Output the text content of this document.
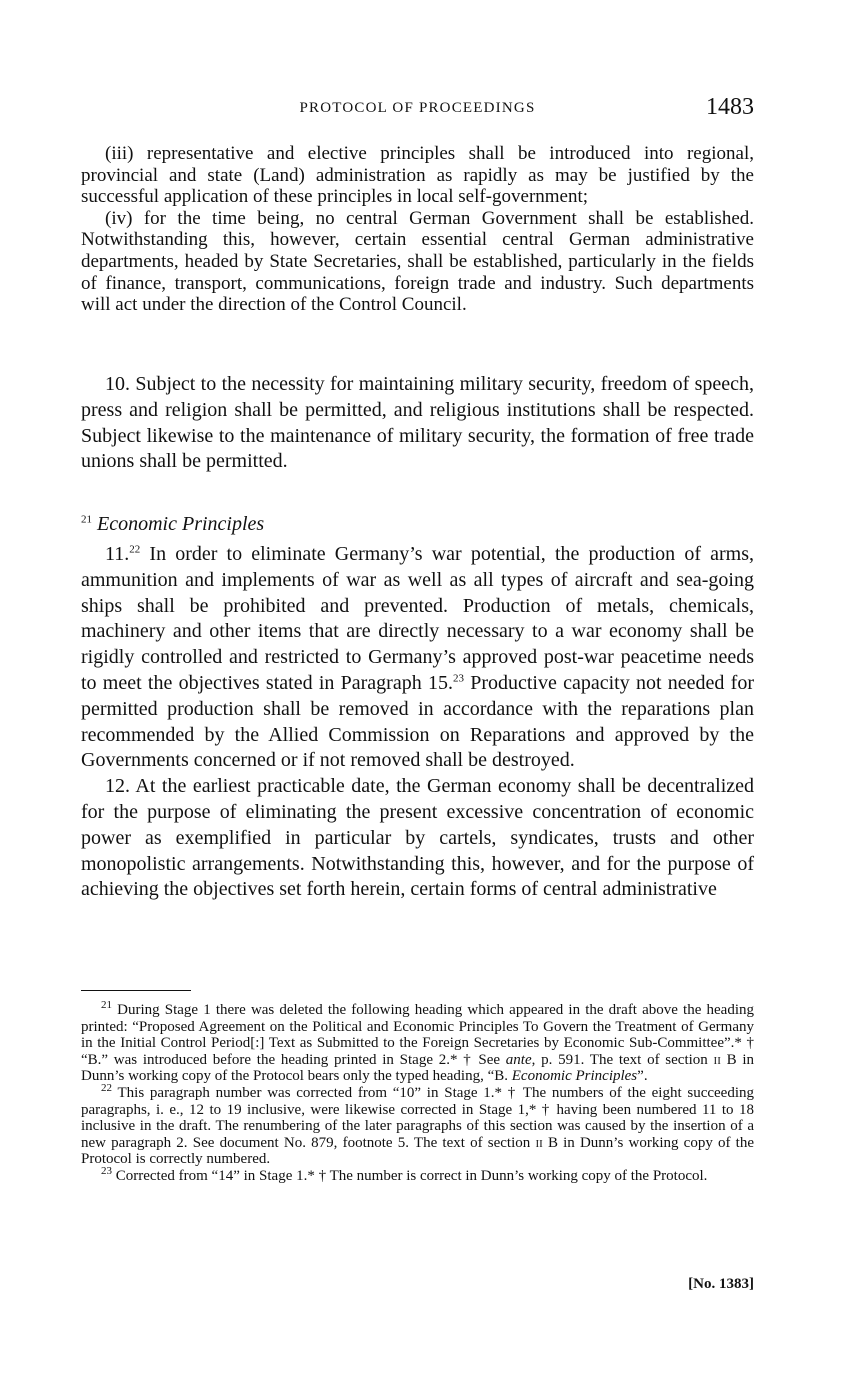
PROTOCOL OF PROCEEDINGS	1483

(iii) representative and elective principles shall be introduced into regional, provincial and state (Land) administration as rapidly as may be justified by the successful application of these principles in local self-government;

(iv) for the time being, no central German Government shall be established. Notwithstanding this, however, certain essential central German administrative departments, headed by State Secretaries, shall be established, particularly in the fields of finance, transport, communications, foreign trade and industry. Such departments will act under the direction of the Control Council.

10. Subject to the necessity for maintaining military security, freedom of speech, press and religion shall be permitted, and religious institutions shall be respected. Subject likewise to the maintenance of military security, the formation of free trade unions shall be permitted.

$^{21}$ Economic Principles

11.22 In order to eliminate Germany’s war potential, the production of arms, ammunition and implements of war as well as all types of aircraft and sea-going ships shall be prohibited and prevented. Production of metals, chemicals, machinery and other items that are directly necessary to a war economy shall be rigidly controlled and restricted to Germany’s approved post-war peacetime needs to meet the objectives stated in Paragraph 15.23 Productive capacity not needed for permitted production shall be removed in accordance with the reparations plan recommended by the Allied Commission on Reparations and approved by the Governments concerned or if not removed shall be destroyed.

12. At the earliest practicable date, the German economy shall be decentralized for the purpose of eliminating the present excessive concentration of economic power as exemplified in particular by cartels, syndicates, trusts and other monopolistic arrangements. Notwithstanding this, however, and for the purpose of achieving the objectives set forth herein, certain forms of central administrative

$^{21}$ During Stage 1 there was deleted the following heading which appeared in the draft above the heading printed: “Proposed Agreement on the Political and Economic Principles To Govern the Treatment of Germany in the Initial Control Period[:] Text as Submitted to the Foreign Secretaries by Economic Sub-Committee”.* † “B.” was introduced before the heading printed in Stage 2.* † See ante, p. 591. The text of section ii B in Dunn’s working copy of the Protocol bears only the typed heading, “B. Economic Principles”.

$^{22}$ This paragraph number was corrected from “10” in Stage 1.* † The numbers of the eight succeeding paragraphs, i. e., 12 to 19 inclusive, were likewise corrected in Stage 1,* † having been numbered 11 to 18 inclusive in the draft. The renumbering of the later paragraphs of this section was caused by the insertion of a new paragraph 2. See document No. 879, footnote 5. The text of section ii B in Dunn’s working copy of the Protocol is correctly numbered.

$^{23}$ Corrected from “14” in Stage 1.* † The number is correct in Dunn’s working copy of the Protocol.

[No. 1383]
